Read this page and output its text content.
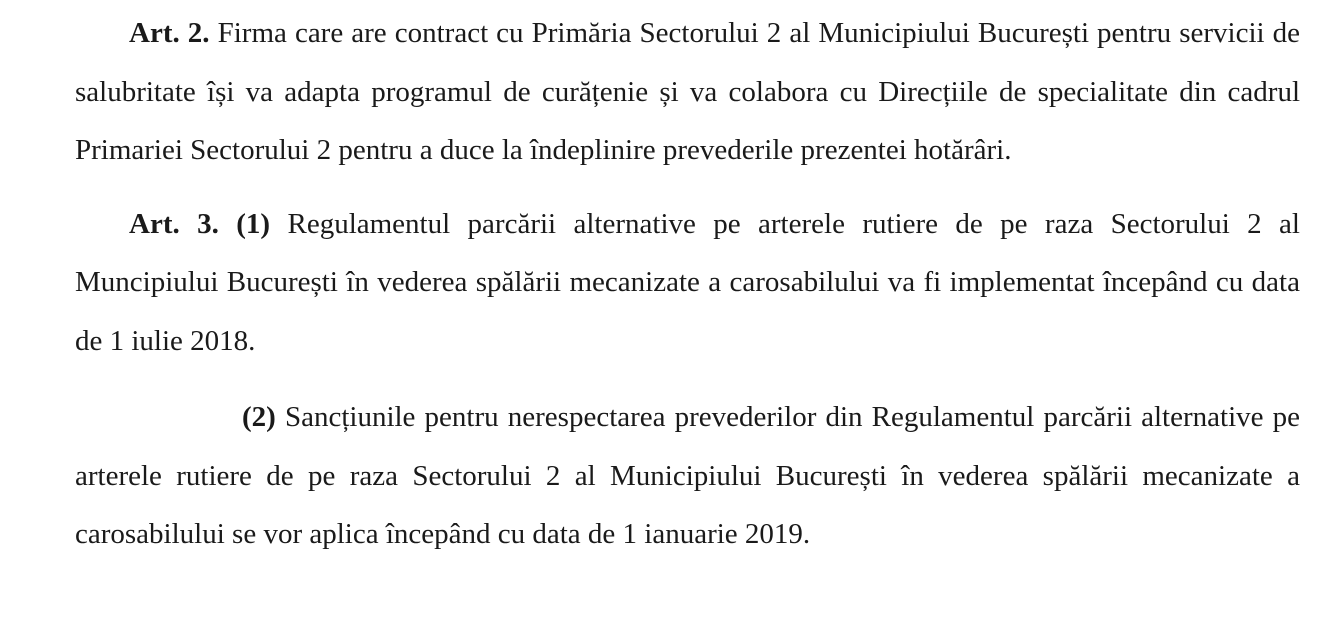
Art. 2. Firma care are contract cu Primăria Sectorului 2 al Municipiului București pentru servicii de salubritate își va adapta programul de curățenie și va colabora cu Direcțiile de specialitate din cadrul Primariei Sectorului 2 pentru a duce la îndeplinire prevederile prezentei hotărâri.

Art. 3. (1) Regulamentul parcării alternative pe arterele rutiere de pe raza Sectorului 2 al Muncipiului București în vederea spălării mecanizate a carosabilului va fi implementat începând cu data de 1 iulie 2018.

(2) Sancțiunile pentru nerespectarea prevederilor din Regulamentul parcării alternative pe arterele rutiere de pe raza Sectorului 2 al Municipiului București în vederea spălării mecanizate a carosabilului se vor aplica începând cu data de 1 ianuarie 2019.
